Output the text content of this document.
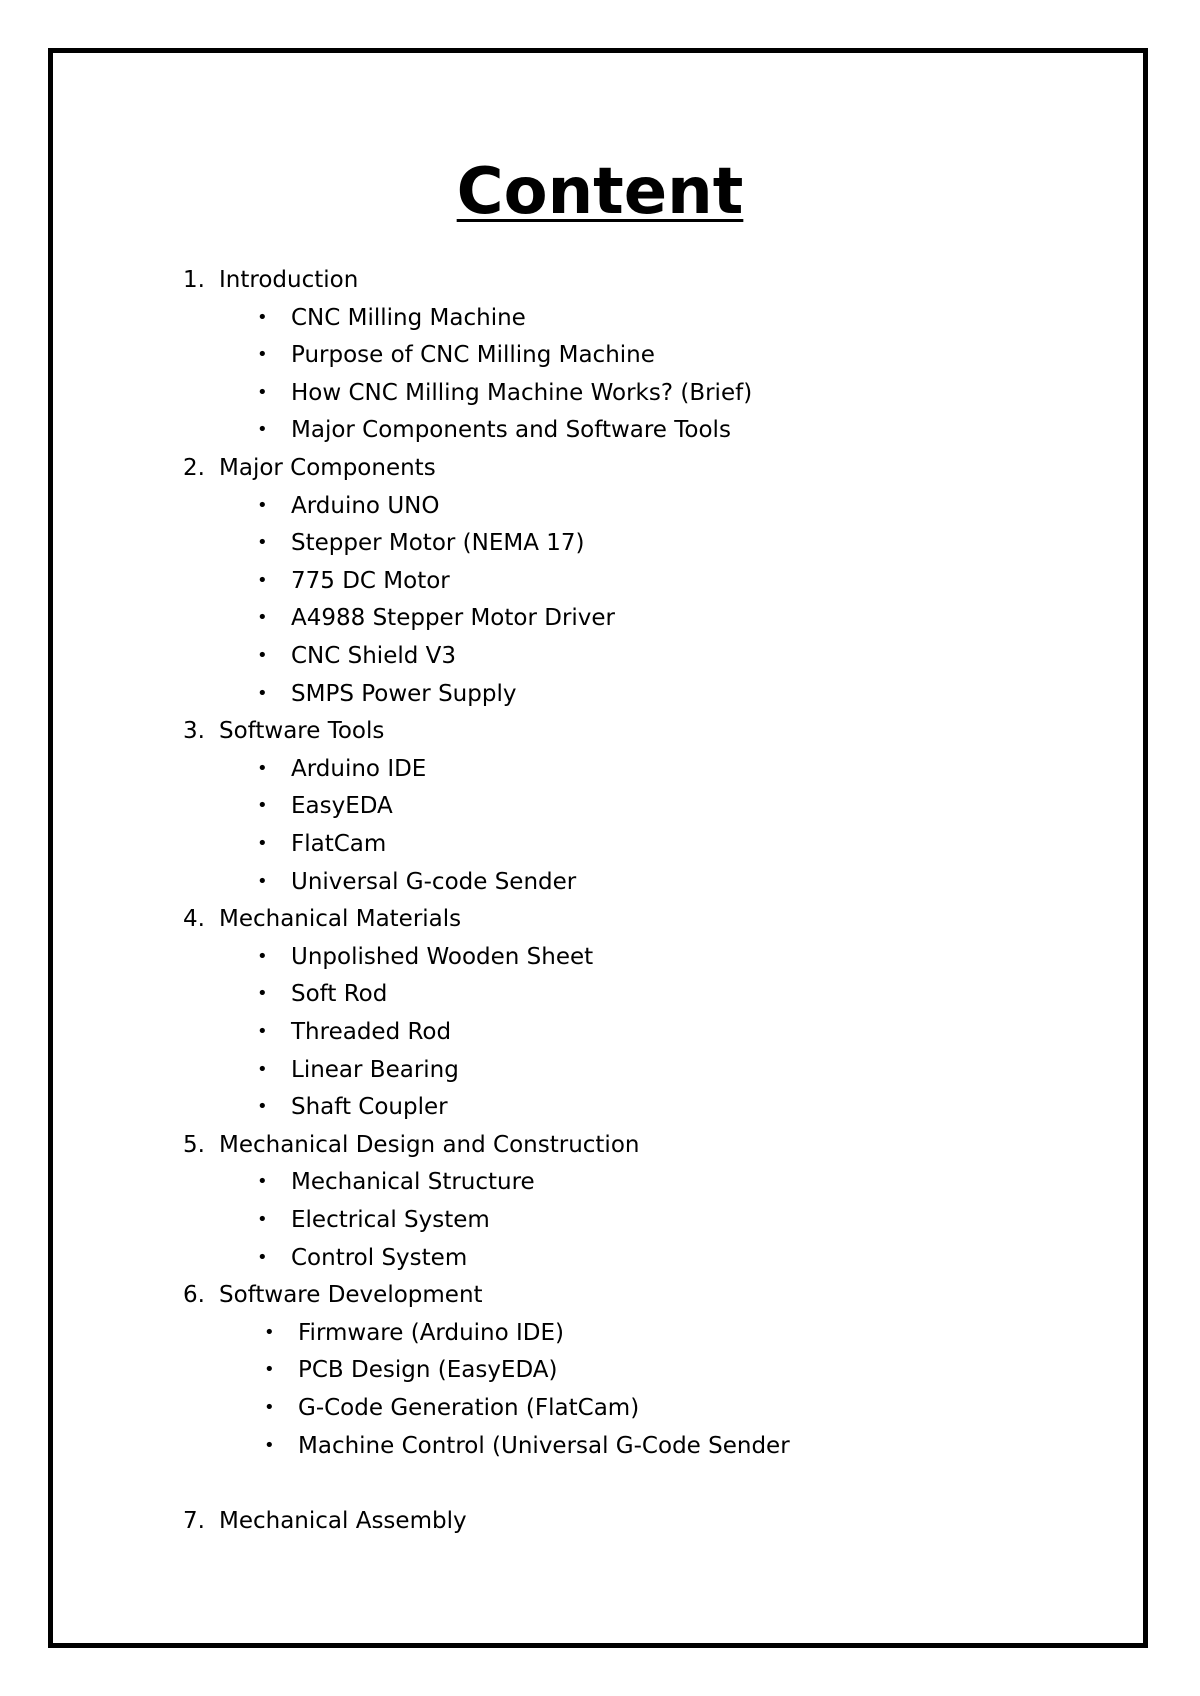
Content
1. Introduction
• CNC Milling Machine
• Purpose of CNC Milling Machine
• How CNC Milling Machine Works? (Brief)
• Major Components and Software Tools
2. Major Components
• Arduino UNO
• Stepper Motor (NEMA 17)
• 775 DC Motor
• A4988 Stepper Motor Driver
• CNC Shield V3
• SMPS Power Supply
3. Software Tools
• Arduino IDE
• EasyEDA
• FlatCam
• Universal G-code Sender
4. Mechanical Materials
• Unpolished Wooden Sheet
• Soft Rod
• Threaded Rod
• Linear Bearing
• Shaft Coupler
5. Mechanical Design and Construction
• Mechanical Structure
• Electrical System
• Control System
6. Software Development
• Firmware (Arduino IDE)
• PCB Design (EasyEDA)
• G-Code Generation (FlatCam)
• Machine Control (Universal G-Code Sender
7. Mechanical Assembly
